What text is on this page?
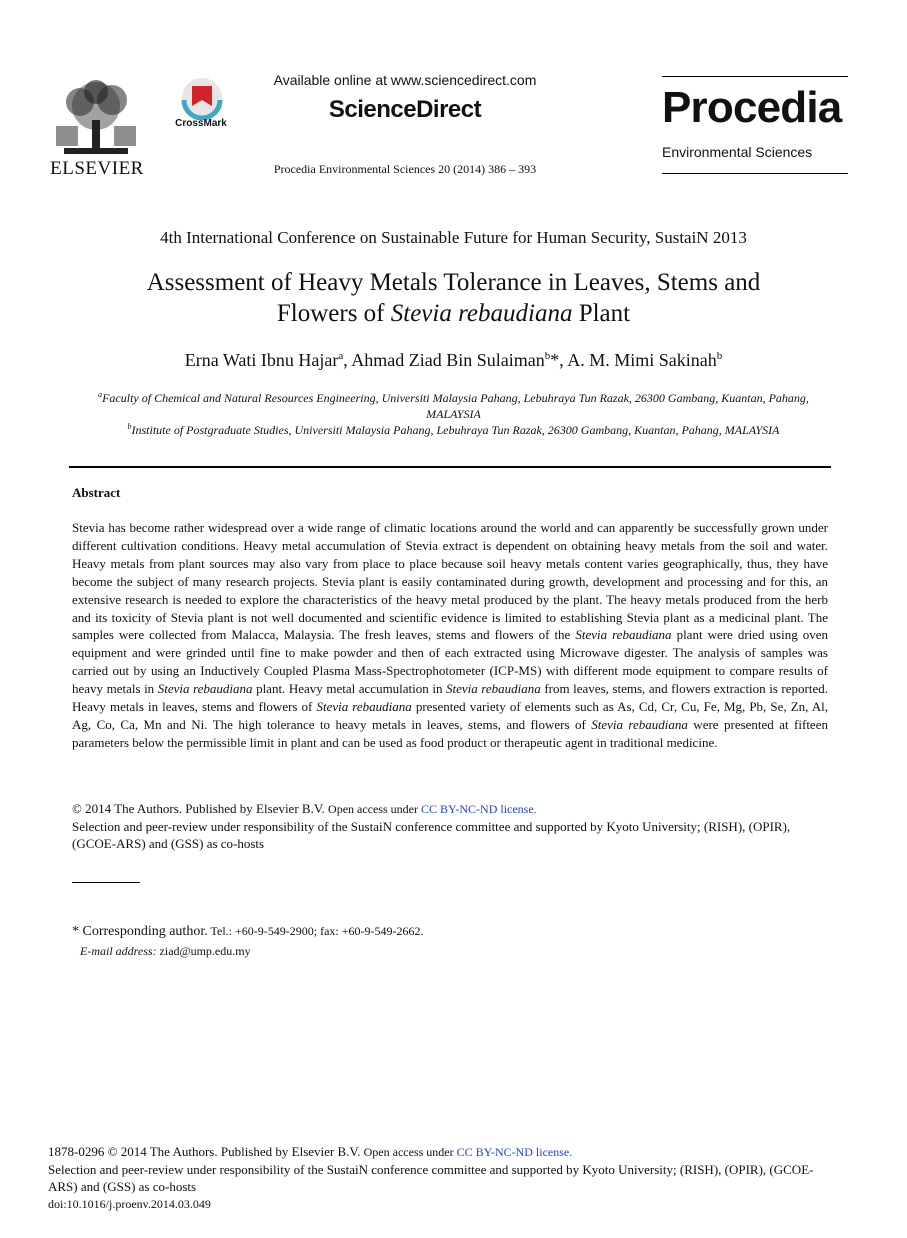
ELSEVIER
CrossMark
Available online at www.sciencedirect.com
ScienceDirect
Procedia Environmental Sciences 20 (2014) 386 – 393
Procedia
Environmental Sciences
4th International Conference on Sustainable Future for Human Security, SustaiN 2013
Assessment of Heavy Metals Tolerance in Leaves, Stems and
Flowers of Stevia rebaudiana Plant
Erna Wati Ibnu Hajar$^a$, Ahmad Ziad Bin Sulaiman$^b$*, A. M. Mimi Sakinah$^b$
$^a$Faculty of Chemical and Natural Resources Engineering, Universiti Malaysia Pahang, Lebuhraya Tun Razak, 26300 Gambang, Kuantan, Pahang, MALAYSIA
$^b$Institute of Postgraduate Studies, Universiti Malaysia Pahang, Lebuhraya Tun Razak, 26300 Gambang, Kuantan, Pahang, MALAYSIA
Abstract
Stevia has become rather widespread over a wide range of climatic locations around the world and can apparently be successfully grown under different cultivation conditions. Heavy metal accumulation of Stevia extract is dependent on obtaining heavy metals from the soil and water. Heavy metals from plant sources may also vary from place to place because soil heavy metals content varies geographically, thus, they have become the subject of many research projects. Stevia plant is easily contaminated during growth, development and processing and for this, an extensive research is needed to explore the characteristics of the heavy metal produced by the plant. The heavy metals produced from the herb and its toxicity of Stevia plant is not well documented and scientific evidence is limited to establishing Stevia plant as a medicinal plant. The samples were collected from Malacca, Malaysia. The fresh leaves, stems and flowers of the Stevia rebaudiana plant were dried using oven equipment and were grinded until fine to make powder and then of each extracted using Microwave digester. The analysis of samples was carried out by using an Inductively Coupled Plasma Mass-Spectrophotometer (ICP-MS) with different mode equipment to compare results of heavy metals in Stevia rebaudiana plant. Heavy metal accumulation in Stevia rebaudiana from leaves, stems, and flowers extraction is reported. Heavy metals in leaves, stems and flowers of Stevia rebaudiana presented variety of elements such as As, Cd, Cr, Cu, Fe, Mg, Pb, Se, Zn, Al, Ag, Co, Ca, Mn and Ni. The high tolerance to heavy metals in leaves, stems, and flowers of Stevia rebaudiana were presented at fifteen parameters below the permissible limit in plant and can be used as food product or therapeutic agent in traditional medicine.
© 2014 The Authors. Published by Elsevier B.V. Open access under CC BY-NC-ND license.
Selection and peer-review under responsibility of the SustaiN conference committee and supported by Kyoto University; (RISH), (OPIR), (GCOE-ARS) and (GSS) as co-hosts
* Corresponding author. Tel.: +60-9-549-2900; fax: +60-9-549-2662.
E-mail address: ziad@ump.edu.my
1878-0296 © 2014 The Authors. Published by Elsevier B.V. Open access under CC BY-NC-ND license.
Selection and peer-review under responsibility of the SustaiN conference committee and supported by Kyoto University; (RISH), (OPIR), (GCOE-ARS) and (GSS) as co-hosts
doi:10.1016/j.proenv.2014.03.049
